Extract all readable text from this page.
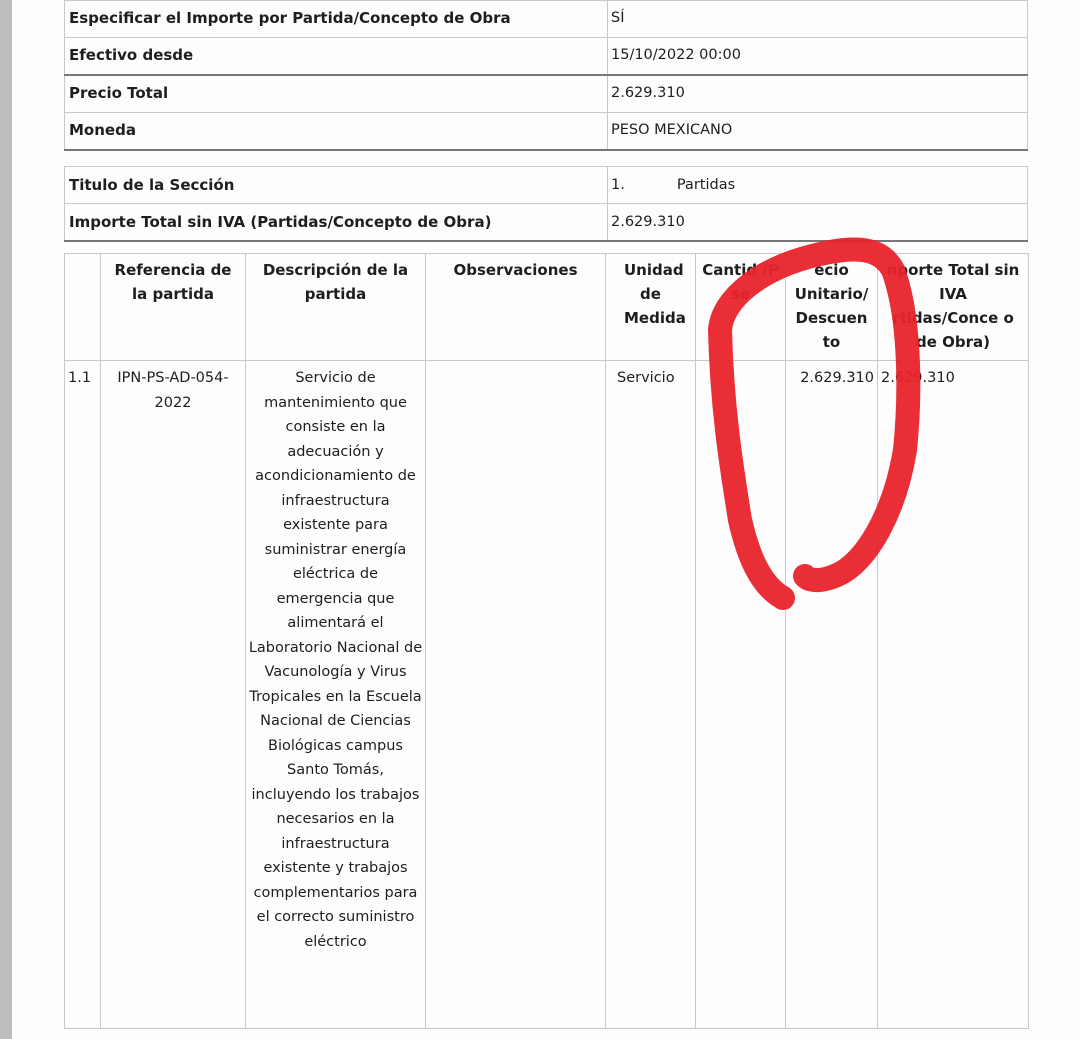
Especificar el Importe por Partida/Concepto de Obra	SÍ
Efectivo desde	15/10/2022 00:00
Precio Total	2.629.310
Moneda	PESO MEXICANO
Titulo de la Sección	1. Partidas
Importe Total sin IVA (Partidas/Concepto de Obra)	2.629.310

	Referencia de la partida	Descripción de la partida	Observaciones	Unidad de Medida	Cantid /P se	ecio Unitario/ Descuen to	nporte Total sin IVA rtidas/Conce o de Obra)

1.1	IPN-PS-AD-054-2022	Servicio de mantenimiento que consiste en la adecuación y acondicionamiento de infraestructura existente para suministrar energía eléctrica de emergencia que alimentará el Laboratorio Nacional de Vacunología y Virus Tropicales en la Escuela Nacional de Ciencias Biológicas campus Santo Tomás, incluyendo los trabajos necesarios en la infraestructura existente y trabajos complementarios para el correcto suministro eléctrico		Servicio		2.629.310	2.629.310
